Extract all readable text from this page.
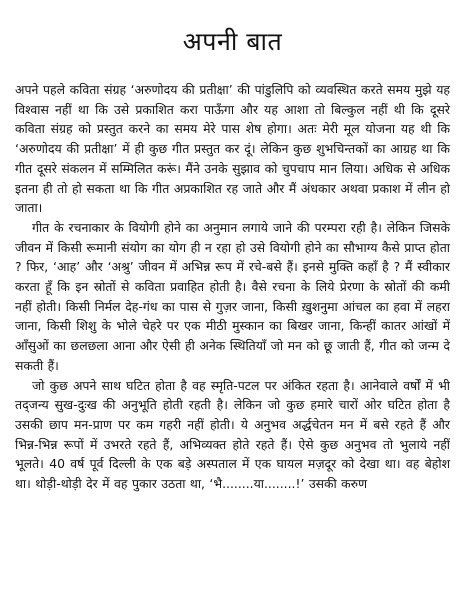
अपनी बात

अपने पहले कविता संग्रह ‘अरुणोदय की प्रतीक्षा’ की पांडुलिपि को व्यवस्थित करते समय मुझे यह विश्वास नहीं था कि उसे प्रकाशित करा पाऊँगा और यह आशा तो बिल्कुल नहीं थी कि दूसरे कविता संग्रह को प्रस्तुत करने का समय मेरे पास शेष होगा। अतः मेरी मूल योजना यह थी कि ‘अरुणोदय की प्रतीक्षा’ में ही कुछ गीत प्रस्तुत कर दूं। लेकिन कुछ शुभचिन्तकों का आग्रह था कि गीत दूसरे संकलन में सम्मिलित करूं। मैंने उनके सुझाव को चुपचाप मान लिया। अधिक से अधिक इतना ही तो हो सकता था कि गीत अप्रकाशित रह जाते और मैं अंधकार अथवा प्रकाश में लीन हो जाता।

गीत के रचनाकार के वियोगी होने का अनुमान लगाये जाने की परम्परा रही है। लेकिन जिसके जीवन में किसी रूमानी संयोग का योग ही न रहा हो उसे वियोगी होने का सौभाग्य कैसे प्राप्त होता ? फिर, ‘आह’ और ‘अश्रु’ जीवन में अभिन्न रूप में रचे-बसे हैं। इनसे मुक्ति कहाँ है ? मैं स्वीकार करता हूँ कि इन स्रोतों से कविता प्रवाहित होती है। वैसे रचना के लिये प्रेरणा के स्रोतों की कमी नहीं होती। किसी निर्मल देह-गंध का पास से गुज़र जाना, किसी ख़ुशनुमा आंचल का हवा में लहरा जाना, किसी शिशु के भोले चेहरे पर एक मीठी मुस्कान का बिखर जाना, किन्हीं कातर आंखों में आँसुओं का छलछला आना और ऐसी ही अनेक स्थितियाँ जो मन को छू जाती हैं, गीत को जन्म दे सकती हैं।

जो कुछ अपने साथ घटित होता है वह स्मृति-पटल पर अंकित रहता है। आनेवाले वर्षों में भी तद्जन्य सुख-दुःख की अनुभूति होती रहती है। लेकिन जो कुछ हमारे चारों ओर घटित होता है उसकी छाप मन-प्राण पर कम गहरी नहीं होती। ये अनुभव अर्द्धचेतन मन में बसे रहते हैं और भिन्न-भिन्न रूपों में उभरते रहते हैं, अभिव्यक्त होते रहते हैं। ऐसे कुछ अनुभव तो भुलाये नहीं भूलते। 40 वर्ष पूर्व दिल्ली के एक बड़े अस्पताल में एक घायल मज़दूर को देखा था। वह बेहोश था। थोड़ी-थोड़ी देर में वह पुकार उठता था, ‘भै........या........!’ उसकी करुण
